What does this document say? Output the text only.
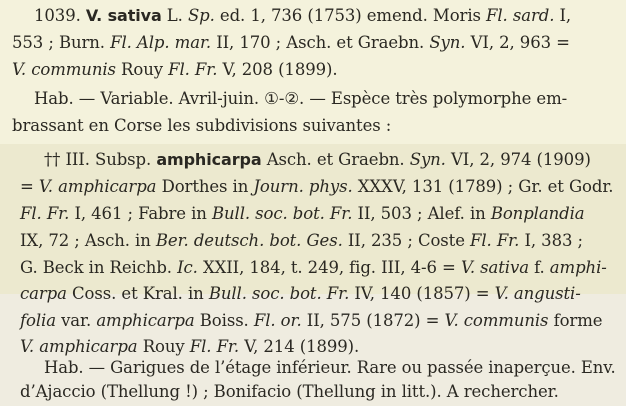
1039. V. sativa L. Sp. ed. 1, 736 (1753) emend. Moris Fl. sard. I,
553 ; Burn. Fl. Alp. mar. II, 170 ; Asch. et Graebn. Syn. VI, 2, 963 =
V. communis Rouy Fl. Fr. V, 208 (1899).
Hab. — Variable. Avril-juin. ①-②. — Espèce très polymorphe em-
brassant en Corse les subdivisions suivantes :
†† III. Subsp. amphicarpa Asch. et Graebn. Syn. VI, 2, 974 (1909)
= V. amphicarpa Dorthes in Journ. phys. XXXV, 131 (1789) ; Gr. et Godr.
Fl. Fr. I, 461 ; Fabre in Bull. soc. bot. Fr. II, 503 ; Alef. in Bonplandia
IX, 72 ; Asch. in Ber. deutsch. bot. Ges. II, 235 ; Coste Fl. Fr. I, 383 ;
G. Beck in Reichb. Ic. XXII, 184, t. 249, fig. III, 4-6 = V. sativa f. amphi-
carpa Coss. et Kral. in Bull. soc. bot. Fr. IV, 140 (1857) = V. angusti-
folia var. amphicarpa Boiss. Fl. or. II, 575 (1872) = V. communis forme
V. amphicarpa Rouy Fl. Fr. V, 214 (1899).
Hab. — Garigues de l’étage inférieur. Rare ou passée inaperçue. Env.
d’Ajaccio (Thellung !) ; Bonifacio (Thellung in litt.). A rechercher.
